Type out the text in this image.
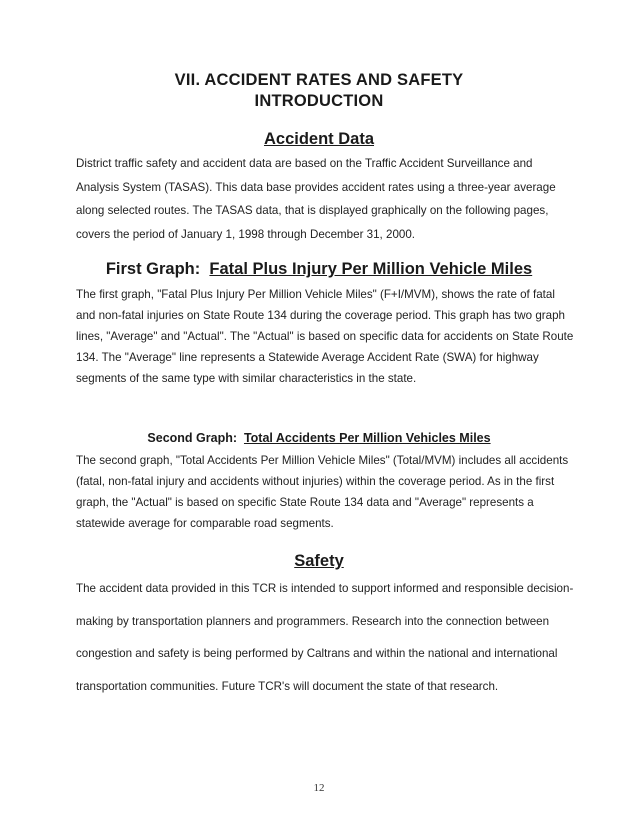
VII. ACCIDENT RATES AND SAFETY
INTRODUCTION
Accident Data
District traffic safety and accident data are based on the Traffic Accident Surveillance and Analysis System (TASAS). This data base provides accident rates using a three-year average along selected routes. The TASAS data, that is displayed graphically on the following pages, covers the period of January 1, 1998 through December 31, 2000.
First Graph: Fatal Plus Injury Per Million Vehicle Miles
The first graph, "Fatal Plus Injury Per Million Vehicle Miles" (F+I/MVM), shows the rate of fatal and non-fatal injuries on State Route 134 during the coverage period. This graph has two graph lines, "Average" and "Actual". The "Actual" is based on specific data for accidents on State Route 134. The "Average" line represents a Statewide Average Accident Rate (SWA) for highway segments of the same type with similar characteristics in the state.
Second Graph: Total Accidents Per Million Vehicles Miles
The second graph, "Total Accidents Per Million Vehicle Miles" (Total/MVM) includes all accidents (fatal, non-fatal injury and accidents without injuries) within the coverage period. As in the first graph, the "Actual" is based on specific State Route 134 data and "Average" represents a statewide average for comparable road segments.
Safety
The accident data provided in this TCR is intended to support informed and responsible decision-making by transportation planners and programmers. Research into the connection between congestion and safety is being performed by Caltrans and within the national and international transportation communities. Future TCR's will document the state of that research.
12
